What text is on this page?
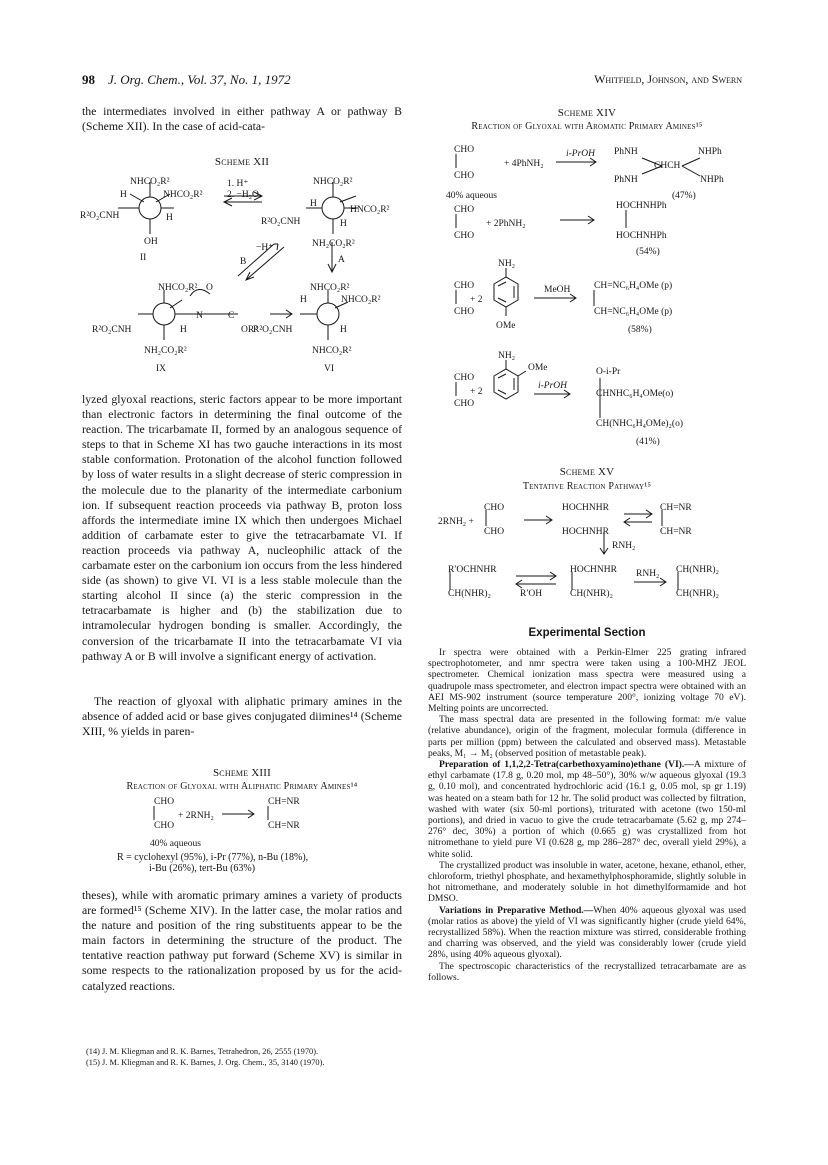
98 J. Org. Chem., Vol. 37, No. 1, 1972	Whitfield, Johnson, and Swern

the intermediates involved in either pathway A or pathway B (Scheme XII). In the case of acid-cata-

Scheme XII
NHCO₂R²
H	NHCO₂R²
R²O₂CNH	H
OH
II
1. H⁺
2. −H₂O
NHCO₂R²
H
HNCO₂R²
R²O₂CNH	H
NH₂CO₂R²
−H⁺
B	A
NHCO₂R² O
N	C
OR²
R²O₂CNH	H
NH₂CO₂R²
IX
NHCO₂R²
H	NHCO₂R²
R²O₂CNH	H
NHCO₂R²
VI

lyzed glyoxal reactions, steric factors appear to be more important than electronic factors in determining the final outcome of the reaction. The tricarbamate II, formed by an analogous sequence of steps to that in Scheme XI has two gauche interactions in its most stable conformation. Protonation of the alcohol function followed by loss of water results in a slight decrease of steric compression in the molecule due to the planarity of the intermediate carbonium ion. If subsequent reaction proceeds via pathway B, proton loss affords the intermediate imine IX which then undergoes Michael addition of carbamate ester to give the tetracarbamate VI. If reaction proceeds via pathway A, nucleophilic attack of the carbamate ester on the carbonium ion occurs from the less hindered side (as shown) to give VI. VI is a less stable molecule than the starting alcohol II since (a) the steric compression in the tetracarbamate is higher and (b) the stabilization due to intramolecular hydrogen bonding is smaller. Accordingly, the conversion of the tricarbamate II into the tetracarbamate VI via pathway A or B will involve a significant energy of activation.

The reaction of glyoxal with aliphatic primary amines in the absence of added acid or base gives conjugated diimines¹⁴ (Scheme XIII, % yields in paren-

Scheme XIII
Reaction of Glyoxal with Aliphatic Primary Amines¹⁴
CHO
CHO
+ 2RNH₂
CH=NR
CH=NR
40% aqueous
R = cyclohexyl (95%), i-Pr (77%), n-Bu (18%),
i-Bu (26%), tert-Bu (63%)

theses), while with aromatic primary amines a variety of products are formed¹⁵ (Scheme XIV). In the latter case, the molar ratios and the nature and position of the ring substituents appear to be the main factors in determining the structure of the product. The tentative reaction pathway put forward (Scheme XV) is similar in some respects to the rationalization proposed by us for the acid-catalyzed reactions.

(14) J. M. Kliegman and R. K. Barnes, Tetrahedron, 26, 2555 (1970).
(15) J. M. Kliegman and R. K. Barnes, J. Org. Chem., 35, 3140 (1970).
Scheme XIV
Reaction of Glyoxal with Aromatic Primary Amines¹⁵
CHO
CHO
+ 4PhNH₂
i-PrOH PhNH
CHCH
NHPh
PhNH	NHPh
(47%)
40% aqueous
CHO
CHO
+ 2PhNH₂
HOCHNHPh
HOCHNHPh
(54%)
NH₂
CHO
CHO
+ 2
OMe
MeOH CH=NC₆H₄OMe (p)
CH=NC₆H₄OMe (p)
(58%)
NH₂
OMe
CHO
CHO
+ 2
i-PrOH
O-i-Pr
CHNHC₆H₄OMe(o)
CH(NHC₆H₄OMe)₂(o)
(41%)
Scheme XV
Tentative Reaction Pathway¹⁵
2RNH₂ +
CHO
CHO
HOCHNHR
HOCHNHR
CH=NR
CH=NR
RNH₂
R′OCHNHR
CH(NHR)₂	R′OH
HOCHNHR
CH(NHR)₂
RNH₂ CH(NHR)₂
CH(NHR)₂
Experimental Section

Ir spectra were obtained with a Perkin-Elmer 225 grating infrared spectrophotometer, and nmr spectra were taken using a 100-MHZ JEOL spectrometer. Chemical ionization mass spectra were measured using a quadrupole mass spectrometer, and electron impact spectra were obtained with an AEI MS-902 instrument (source temperature 200°, ionizing voltage 70 eV). Melting points are uncorrected.

The mass spectral data are presented in the following format: m/e value (relative abundance), origin of the fragment, molecular formula (difference in parts per million (ppm) between the calculated and observed mass). Metastable peaks, M₁ → M₂ (observed position of metastable peak).

Preparation of 1,1,2,2-Tetra(carbethoxyamino)ethane (VI).—A mixture of ethyl carbamate (17.8 g, 0.20 mol, mp 48–50°), 30% w/w aqueous glyoxal (19.3 g, 0.10 mol), and concentrated hydrochloric acid (16.1 g, 0.05 mol, sp gr 1.19) was heated on a steam bath for 12 hr. The solid product was collected by filtration, washed with water (six 50-ml portions), triturated with acetone (two 150-ml portions), and dried in vacuo to give the crude tetracarbamate (5.62 g, mp 274–276° dec, 30%) a portion of which (0.665 g) was crystallized from hot nitromethane to yield pure VI (0.628 g, mp 286–287° dec, overall yield 29%), a white solid.

The crystallized product was insoluble in water, acetone, hexane, ethanol, ether, chloroform, triethyl phosphate, and hexamethylphosphoramide, slightly soluble in hot nitromethane, and moderately soluble in hot dimethylformamide and hot DMSO.

Variations in Preparative Method.—When 40% aqueous glyoxal was used (molar ratios as above) the yield of VI was significantly higher (crude yield 64%, recrystallized 58%). When the reaction mixture was stirred, considerable frothing and charring was observed, and the yield was considerably lower (crude yield 28%, using 40% aqueous glyoxal).

The spectroscopic characteristics of the recrystallized tetracarbamate are as follows.
